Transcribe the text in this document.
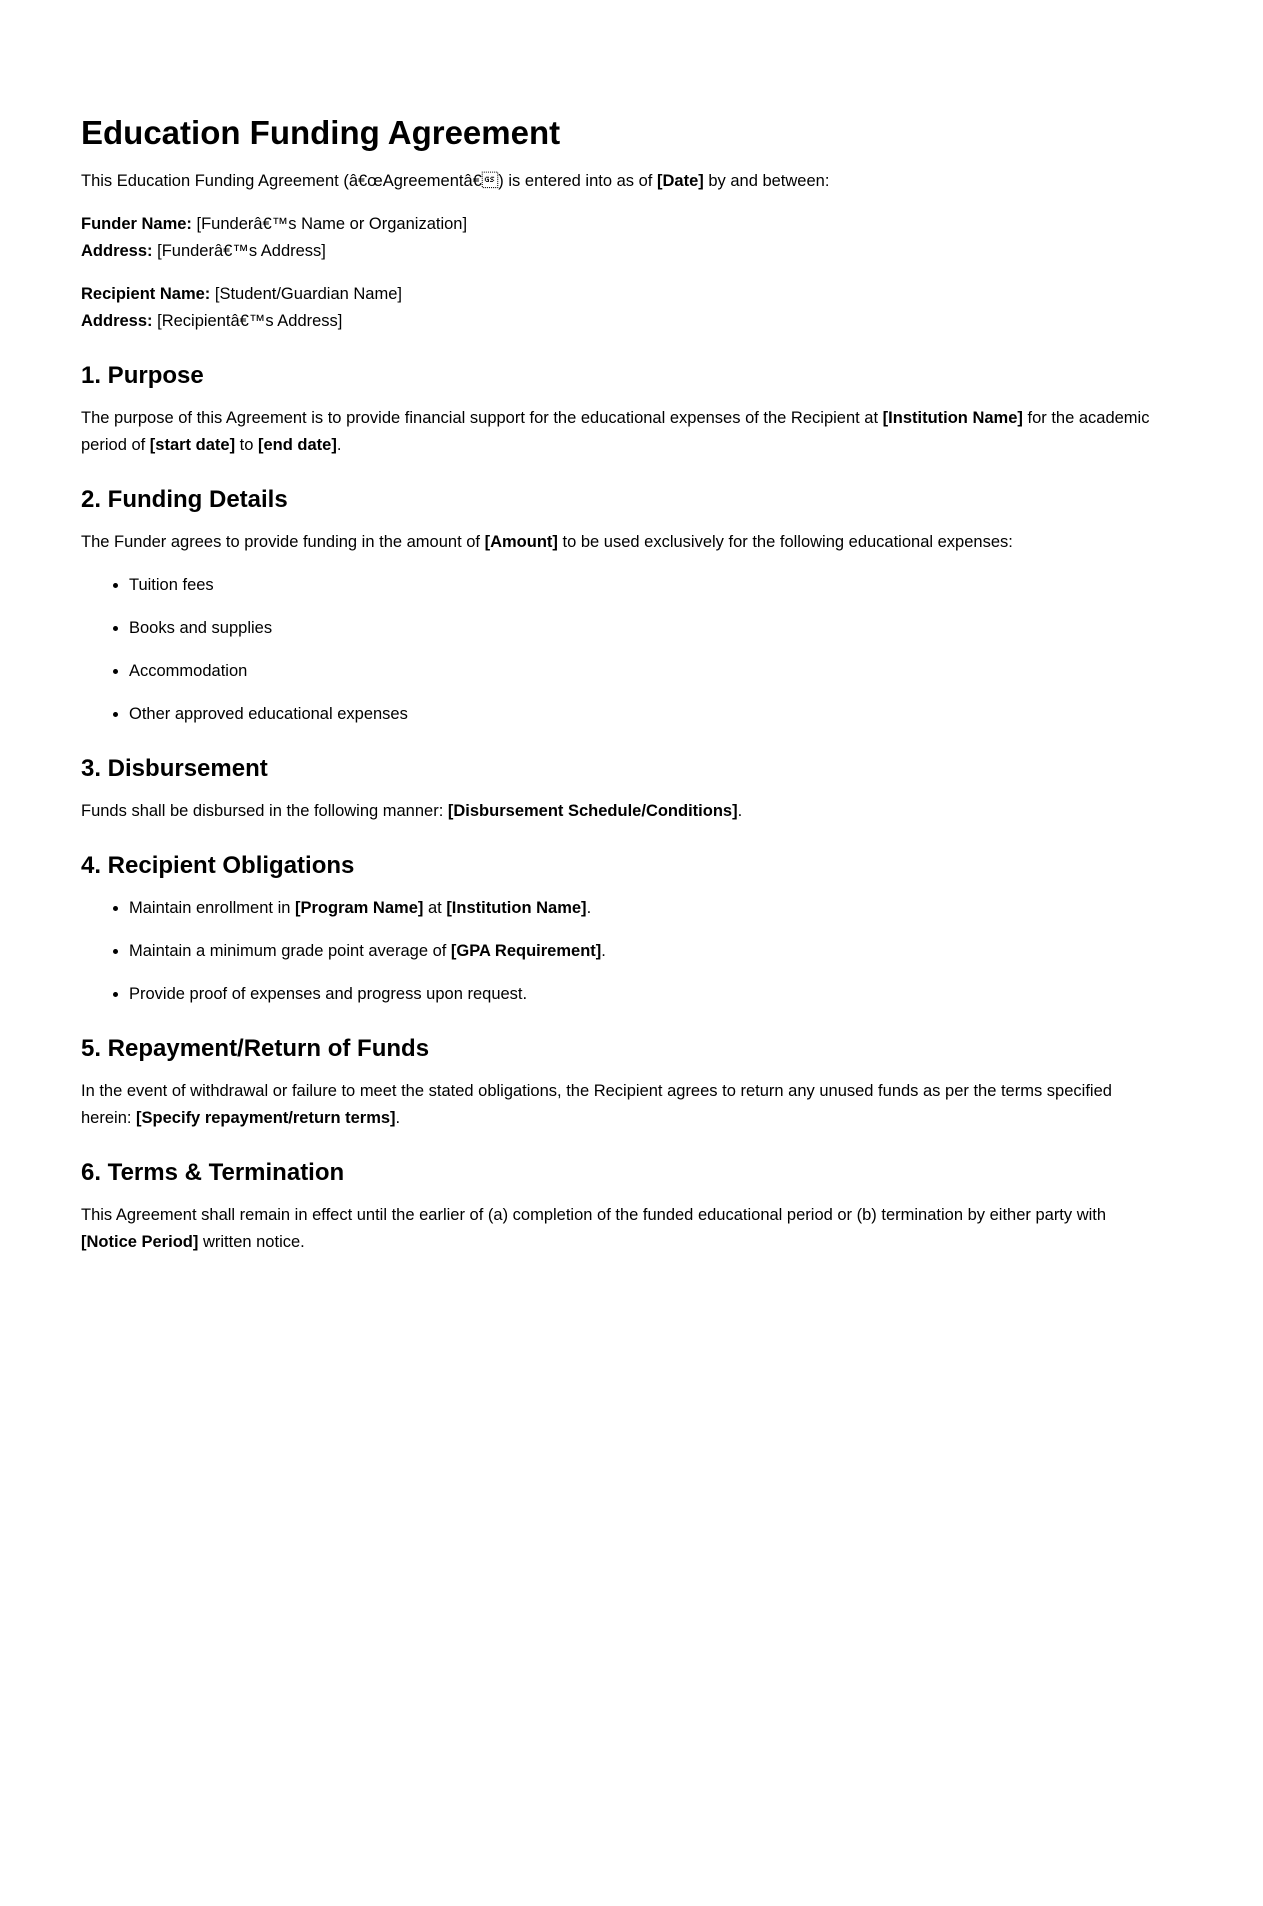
Education Funding Agreement

This Education Funding Agreement (â€œAgreementâ€) is entered into as of [Date] by and between:

Funder Name: [Funderâ€™s Name or Organization]
Address: [Funderâ€™s Address]

Recipient Name: [Student/Guardian Name]
Address: [Recipientâ€™s Address]

1. Purpose

The purpose of this Agreement is to provide financial support for the educational expenses of the Recipient at [Institution Name] for the academic period of [start date] to [end date].

2. Funding Details

The Funder agrees to provide funding in the amount of [Amount] to be used exclusively for the following educational expenses:

• Tuition fees
• Books and supplies
• Accommodation
• Other approved educational expenses
3. Disbursement

Funds shall be disbursed in the following manner: [Disbursement Schedule/Conditions].

4. Recipient Obligations
• Maintain enrollment in [Program Name] at [Institution Name].
• Maintain a minimum grade point average of [GPA Requirement].
• Provide proof of expenses and progress upon request.
5. Repayment/Return of Funds

In the event of withdrawal or failure to meet the stated obligations, the Recipient agrees to return any unused funds as per the terms specified herein: [Specify repayment/return terms].

6. Terms & Termination

This Agreement shall remain in effect until the earlier of (a) completion of the funded educational period or (b) termination by either party with [Notice Period] written notice.
